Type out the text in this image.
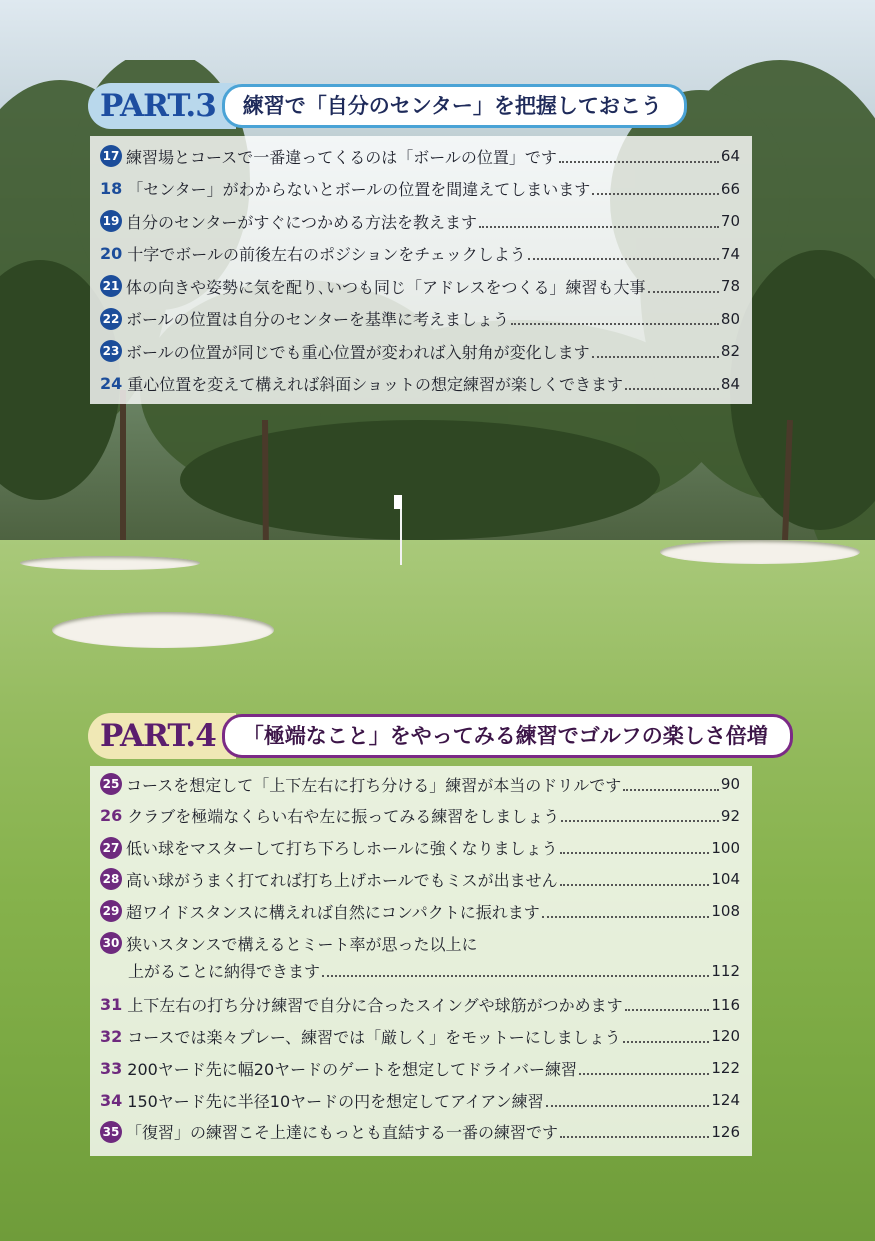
PART.3	練習で「自分のセンター」を把握しておこう
17 練習場とコースで一番違ってくるのは「ボールの位置」です	64
18 「センター」がわからないとボールの位置を間違えてしまいます	66
19 自分のセンターがすぐにつかめる方法を教えます	70
20 十字でボールの前後左右のポジションをチェックしよう	74
21 体の向きや姿勢に気を配り､いつも同じ「アドレスをつくる」練習も大事	78
22 ボールの位置は自分のセンターを基準に考えましょう	80
23 ボールの位置が同じでも重心位置が変われば入射角が変化します	82
24 重心位置を変えて構えれば斜面ショットの想定練習が楽しくできます	84
PART.4	「極端なこと」をやってみる練習でゴルフの楽しさ倍増
25 コースを想定して「上下左右に打ち分ける」練習が本当のドリルです	90
26 クラブを極端なくらい右や左に振ってみる練習をしましょう	92
27 低い球をマスターして打ち下ろしホールに強くなりましょう	100
28 高い球がうまく打てれば打ち上げホールでもミスが出ません	104
29 超ワイドスタンスに構えれば自然にコンパクトに振れます	108
30 狭いスタンスで構えるとミート率が思った以上に
上がることに納得できます	112
31 上下左右の打ち分け練習で自分に合ったスイングや球筋がつかめます	116
32 コースでは楽々プレー、練習では「厳しく」をモットーにしましょう	120
33 200ヤード先に幅20ヤードのゲートを想定してドライバー練習	122
34 150ヤード先に半径10ヤードの円を想定してアイアン練習	124
35 「復習」の練習こそ上達にもっとも直結する一番の練習です	126
